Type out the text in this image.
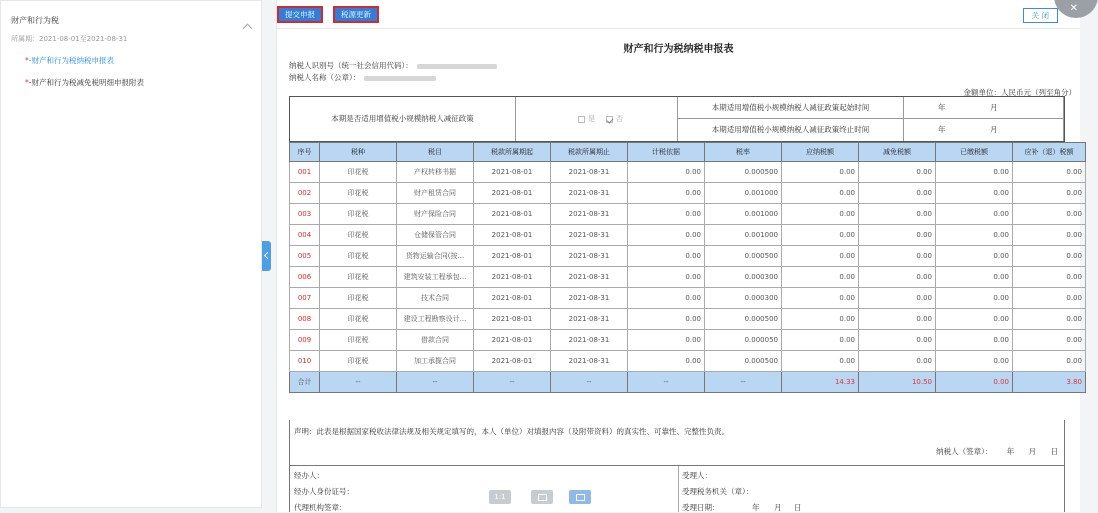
财产和行为税
所属期：2021-08-01至2021-08-31
*-财产和行为税纳税申报表
*-财产和行为税减免税明细申报附表
提交申报	税源更新	关 闭
✕
财产和行为税纳税申报表
纳税人识别号（统一社会信用代码）：
纳税人名称（公章）：
金额单位：人民币元（列至角分）
本期是否适用增值税小规模纳税人减征政策	是	否
本期适用增值税小规模纳税人减征政策起始时间	年	月
本期适用增值税小规模纳税人减征政策终止时间	年	月
序号	税种	税目	税款所属期起	税款所属期止	计税依据	税率	应纳税额	减免税额	已缴税额	应补（退）税额
001	印花税	产权转移书据	2021-08-01	2021-08-31	0.00	0.000500	0.00	0.00	0.00	0.00
002	印花税	财产租赁合同	2021-08-01	2021-08-31	0.00	0.001000	0.00	0.00	0.00	0.00
003	印花税	财产保险合同	2021-08-01	2021-08-31	0.00	0.001000	0.00	0.00	0.00	0.00
004	印花税	仓储保管合同	2021-08-01	2021-08-31	0.00	0.001000	0.00	0.00	0.00	0.00
005	印花税	货物运输合同(按...	2021-08-01	2021-08-31	0.00	0.000500	0.00	0.00	0.00	0.00
006	印花税	建筑安装工程承包...	2021-08-01	2021-08-31	0.00	0.000300	0.00	0.00	0.00	0.00
007	印花税	技术合同	2021-08-01	2021-08-31	0.00	0.000300	0.00	0.00	0.00	0.00
008	印花税	建设工程勘察设计...	2021-08-01	2021-08-31	0.00	0.000500	0.00	0.00	0.00	0.00
009	印花税	借款合同	2021-08-01	2021-08-31	0.00	0.000050	0.00	0.00	0.00	0.00
010	印花税	加工承揽合同	2021-08-01	2021-08-31	0.00	0.000500	0.00	0.00	0.00	0.00
合计	--	--	--	--	--	--	14.33	10.50	0.00	3.80
声明：此表是根据国家税收法律法规及相关规定填写的，本人（单位）对填报内容（及附带资料）的真实性、可靠性、完整性负责。
纳税人（签章）： 年 月 日
经办人：
经办人身份证号：
代理机构签章：
受理人：
受理税务机关（章）：
受理日期：	年 月 日
1:1
